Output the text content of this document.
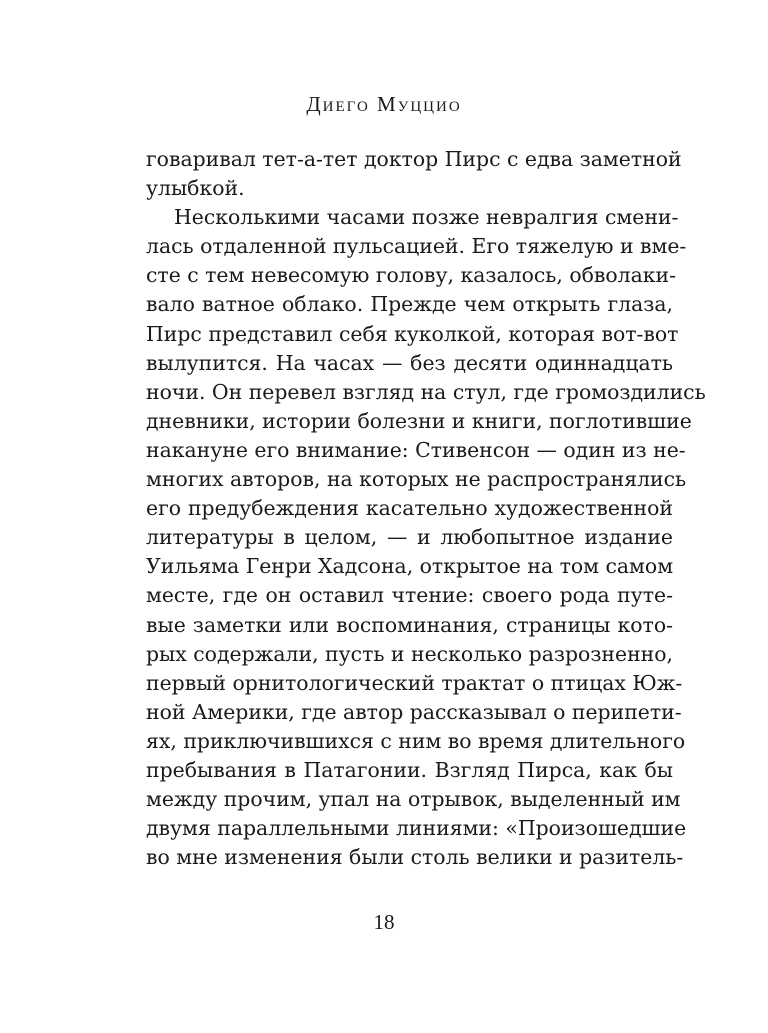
Диего Муццио
говаривал тет-а-тет доктор Пирс с едва заметной
улыбкой.
Несколькими часами позже невралгия смени-
лась отдаленной пульсацией. Его тяжелую и вме-
сте с тем невесомую голову, казалось, обволаки-
вало ватное облако. Прежде чем открыть глаза,
Пирс представил себя куколкой, которая вот-вот
вылупится. На часах — без десяти одиннадцать
ночи. Он перевел взгляд на стул, где громоздились
дневники, истории болезни и книги, поглотившие
накануне его внимание: Стивенсон — один из не-
многих авторов, на которых не распространялись
его предубеждения касательно художественной
литературы в целом, — и любопытное издание
Уильяма Генри Хадсона, открытое на том самом
месте, где он оставил чтение: своего рода путе-
вые заметки или воспоминания, страницы кото-
рых содержали, пусть и несколько разрозненно,
первый орнитологический трактат о птицах Юж-
ной Америки, где автор рассказывал о перипети-
ях, приключившихся с ним во время длительного
пребывания в Патагонии. Взгляд Пирса, как бы
между прочим, упал на отрывок, выделенный им
двумя параллельными линиями: «Произошедшие
во мне изменения были столь велики и разитель-
18
